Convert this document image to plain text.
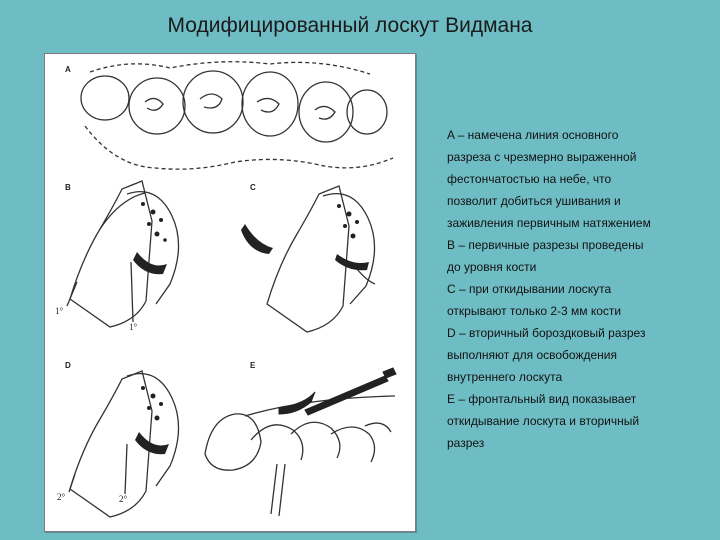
Модифицированный лоскут Видмана
A
B
1°
1°
C
D
2°	2°
E

A – намечена линия основного

разреза с чрезмерно выраженной

фестончатостью на небе, что

позволит добиться ушивания и

заживления первичным натяжением

B – первичные разрезы проведены

до уровня кости

C – при откидывании лоскута

открывают только 2-3 мм кости

D – вторичный бороздковый разрез

выполняют для освобождения

внутреннего лоскута

E – фронтальный вид показывает

откидывание лоскута и вторичный

разрез
